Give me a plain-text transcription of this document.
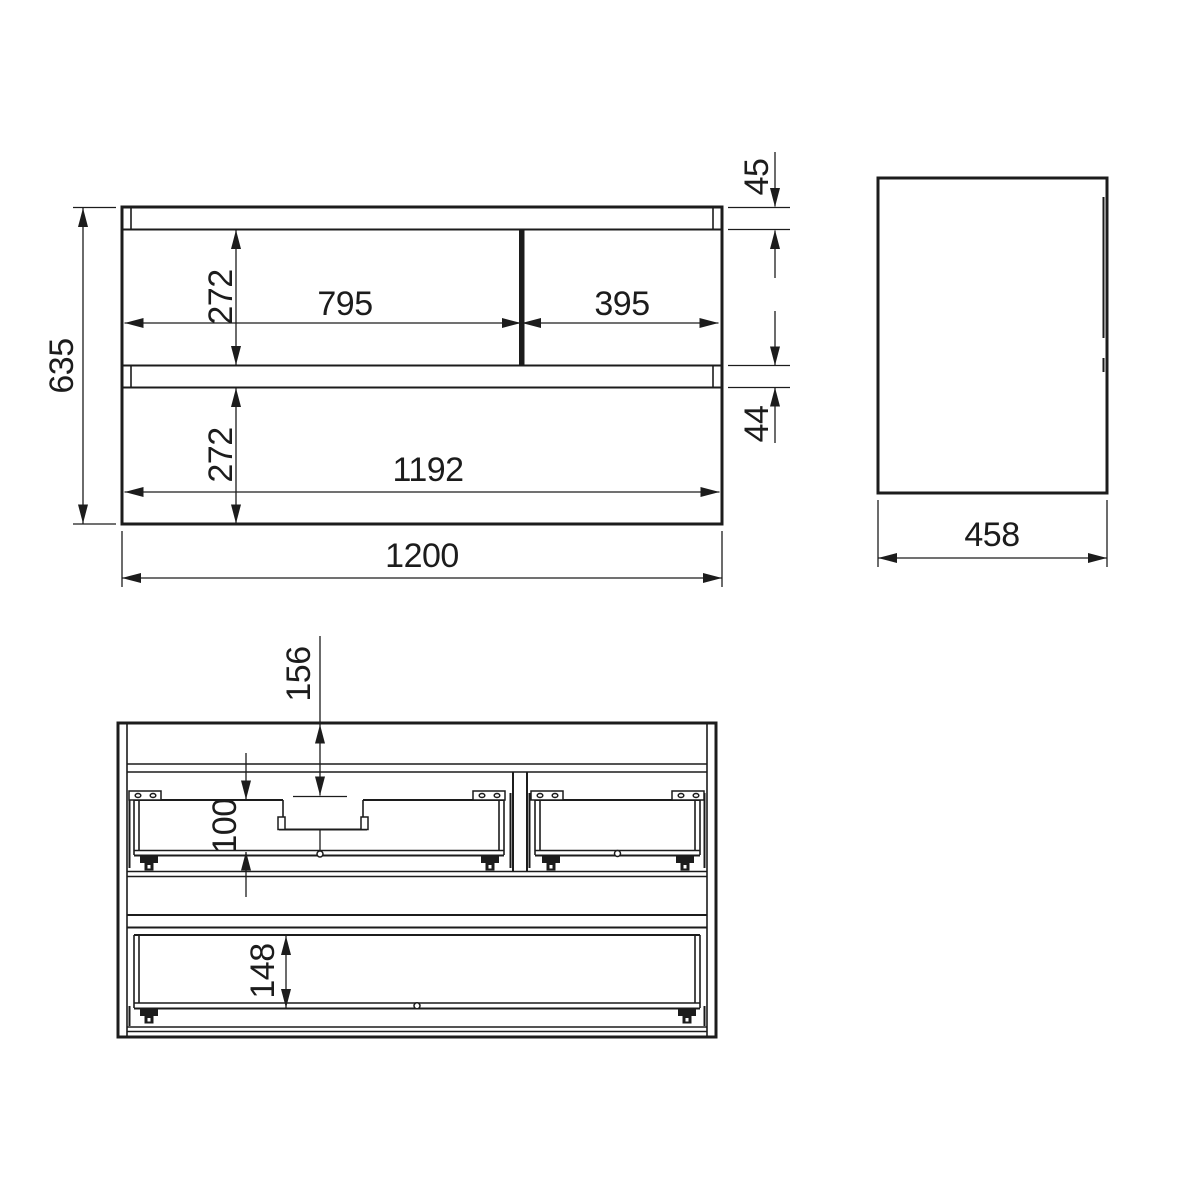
635
272 795	395
272	1192
1200
45
44
458
156
100
148
